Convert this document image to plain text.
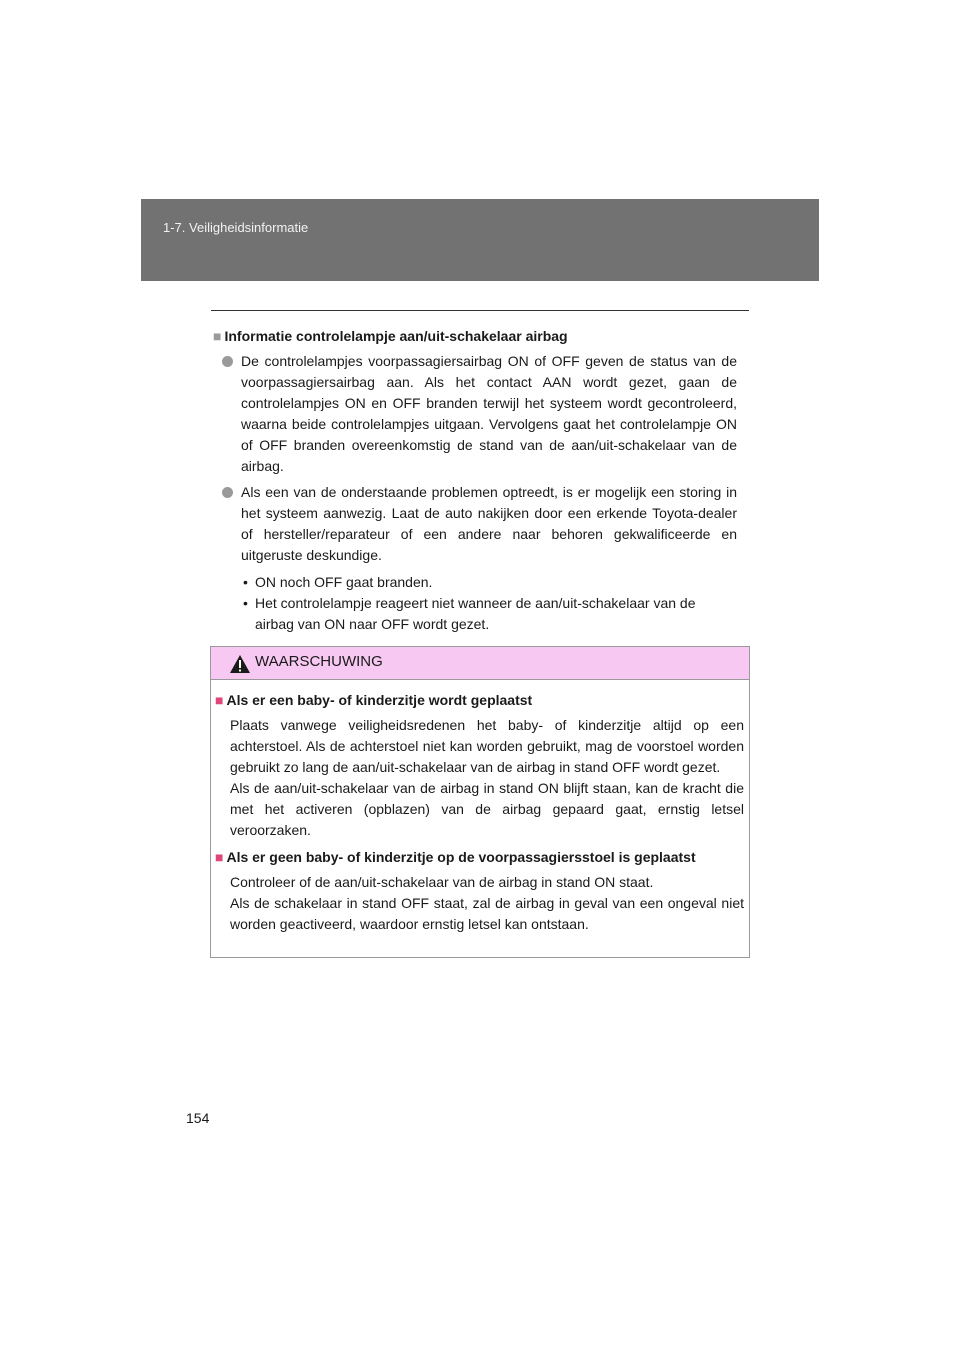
1-7. Veiligheidsinformatie
■ Informatie controlelampje aan/uit-schakelaar airbag
De controlelampjes voorpassagiersairbag ON of OFF geven de status van de voorpassagiersairbag aan. Als het contact AAN wordt gezet, gaan de controlelampjes ON en OFF branden terwijl het systeem wordt gecontroleerd, waarna beide controlelampjes uitgaan. Vervolgens gaat het controlelampje ON of OFF branden overeenkomstig de stand van de aan/uit-schakelaar van de airbag.
Als een van de onderstaande problemen optreedt, is er mogelijk een storing in het systeem aanwezig. Laat de auto nakijken door een erkende Toyota-dealer of hersteller/reparateur of een andere naar behoren gekwalificeerde en uitgeruste deskundige.
• ON noch OFF gaat branden.
• Het controlelampje reageert niet wanneer de aan/uit-schakelaar van de airbag van ON naar OFF wordt gezet.
WAARSCHUWING
■ Als er een baby- of kinderzitje wordt geplaatst
Plaats vanwege veiligheidsredenen het baby- of kinderzitje altijd op een achterstoel. Als de achterstoel niet kan worden gebruikt, mag de voorstoel worden gebruikt zo lang de aan/uit-schakelaar van de airbag in stand OFF wordt gezet.
Als de aan/uit-schakelaar van de airbag in stand ON blijft staan, kan de kracht die met het activeren (opblazen) van de airbag gepaard gaat, ernstig letsel veroorzaken.
■ Als er geen baby- of kinderzitje op de voorpassagiersstoel is geplaatst
Controleer of de aan/uit-schakelaar van de airbag in stand ON staat.
Als de schakelaar in stand OFF staat, zal de airbag in geval van een ongeval niet worden geactiveerd, waardoor ernstig letsel kan ontstaan.
154
